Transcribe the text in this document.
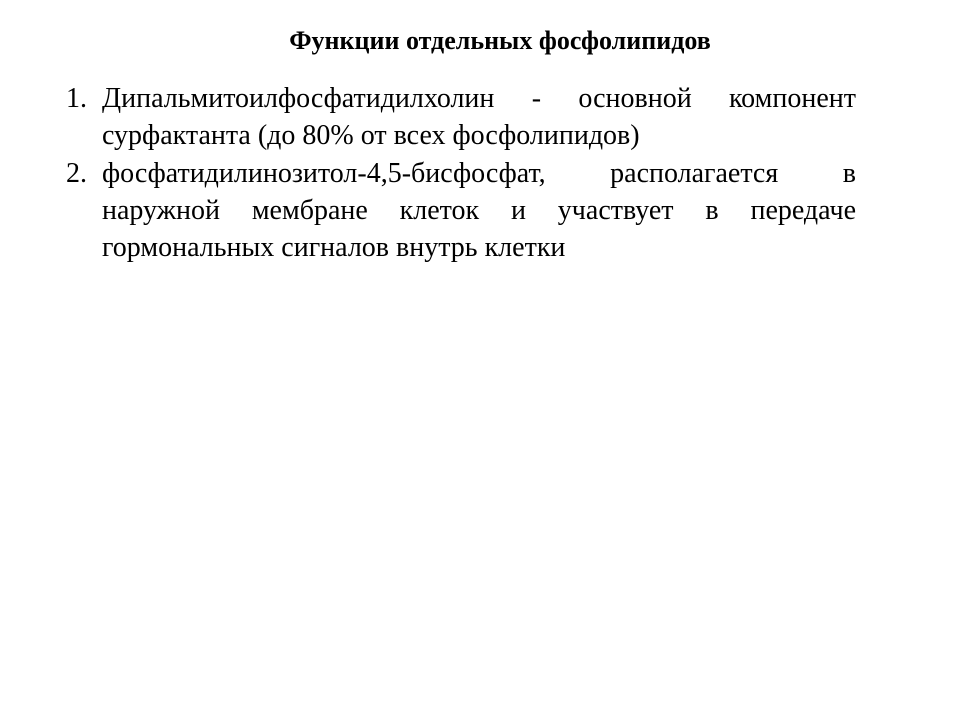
Функции отдельных фосфолипидов
1. Дипальмитоилфосфатидилхолин - основной компонент сурфактанта (до 80% от всех фосфолипидов)
2. фосфатидилинозитол-4,5-бисфосфат, располагается в наружной мембране клеток и участвует в передаче гормональных сигналов внутрь клетки
